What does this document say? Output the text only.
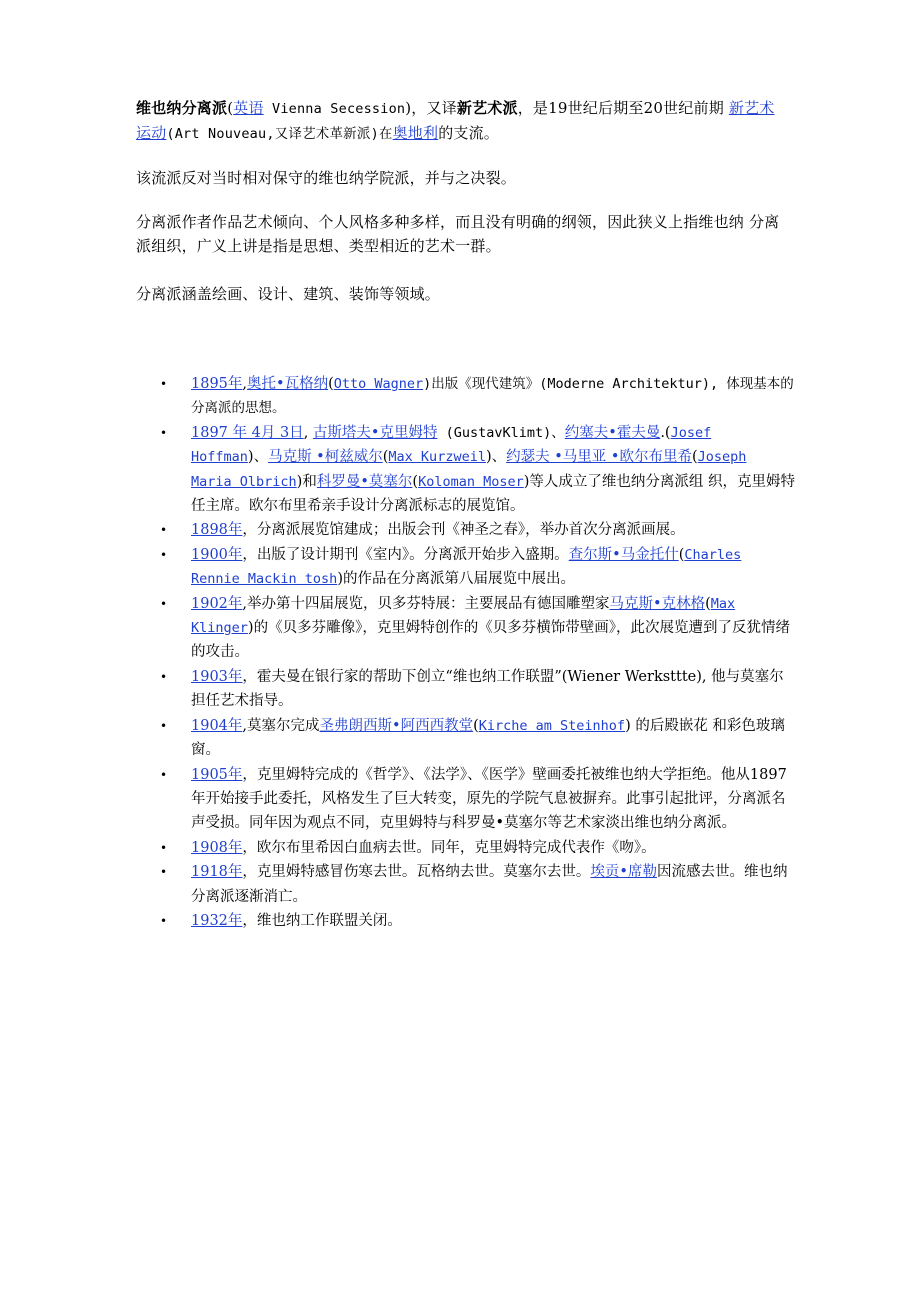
维也纳分离派(英语 Vienna Secession)，又译新艺术派，是19世纪后期至20世纪前期 新艺术运动(Art Nouveau,又译艺术革新派)在奥地利的支流。

该流派反对当时相对保守的维也纳学院派，并与之决裂。

分离派作者作品艺术倾向、个人风格多种多样，而且没有明确的纲领，因此狭义上指维也纳 分离派组织，广义上讲是指是思想、类型相近的艺术一群。

分离派涵盖绘画、设计、建筑、装饰等领域。

•	1895年,奥托•瓦格纳(Otto Wagner)出版《现代建筑》(Moderne Architektur), 体现基本的分离派的思想。
•	1897 年 4月 3日, 古斯塔夫•克里姆特 (GustavKlimt)、约塞夫•霍夫曼.(Josef Hoffman)、马克斯 •柯兹威尔(Max Kurzweil)、约瑟夫 •马里亚 •欧尔布里希(Joseph Maria Olbrich)和科罗曼•莫塞尔(Koloman Moser)等人成立了维也纳分离派组 织，克里姆特任主席。欧尔布里希亲手设计分离派标志的展览馆。
•	1898年，分离派展览馆建成；出版会刊《神圣之春》，举办首次分离派画展。
•	1900年，出版了设计期刊《室内》。分离派开始步入盛期。查尔斯•马金托什(Charles Rennie Mackin tosh)的作品在分离派第八届展览中展出。
•	1902年,举办第十四届展览，贝多芬特展：主要展品有德国雕塑家马克斯•克林格(Max Klinger)的《贝多芬雕像》，克里姆特创作的《贝多芬横饰带壁画》，此次展览遭到了反犹情绪的攻击。
•	1903年，霍夫曼在银行家的帮助下创立“维也纳工作联盟”(Wiener Werksttte), 他与莫塞尔担任艺术指导。
•	1904年,莫塞尔完成圣弗朗西斯•阿西西教堂(Kirche am Steinhof) 的后殿嵌花 和彩色玻璃窗。
•	1905年，克里姆特完成的《哲学》、《法学》、《医学》壁画委托被维也纳大学拒绝。他从1897年开始接手此委托，风格发生了巨大转变，原先的学院气息被摒弃。此事引起批评，分离派名声受损。同年因为观点不同，克里姆特与科罗曼•莫塞尔等艺术家淡出维也纳分离派。
•	1908年，欧尔布里希因白血病去世。同年，克里姆特完成代表作《吻》。
•	1918年，克里姆特感冒伤寒去世。瓦格纳去世。莫塞尔去世。埃贡•席勒因流感去世。维也纳分离派逐渐消亡。
•	1932年，维也纳工作联盟关闭。
